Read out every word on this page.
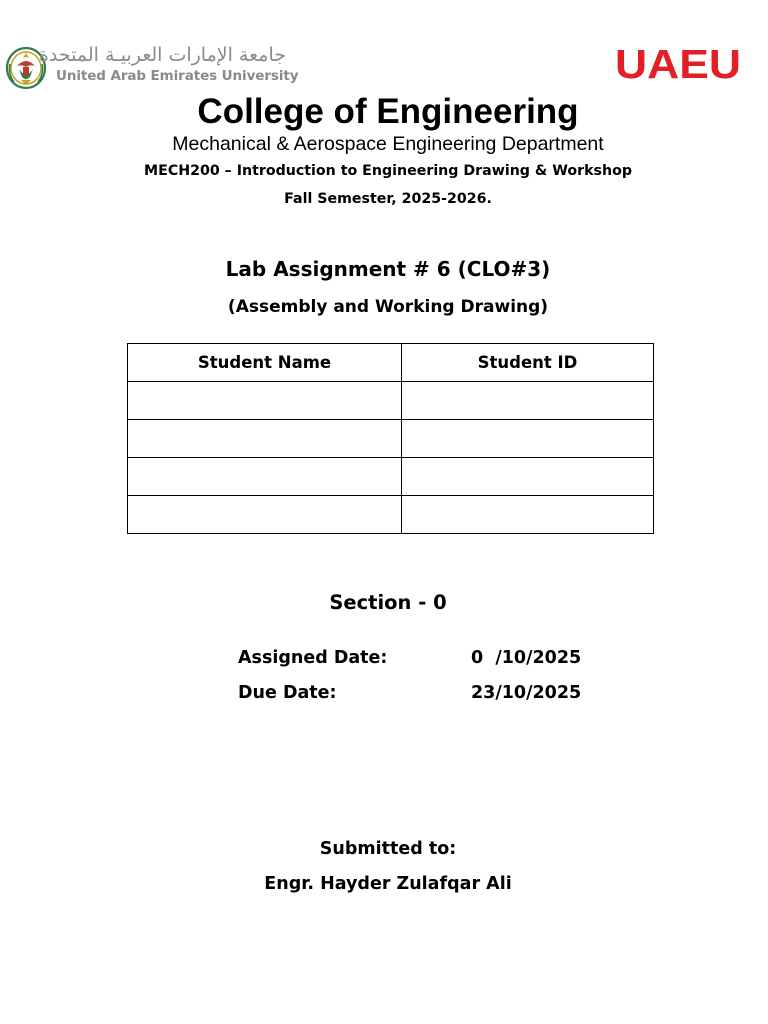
جامعة الإمارات العربيـة المتحدة
United Arab Emirates University	UAEU
College of Engineering
Mechanical & Aerospace Engineering Department
MECH200 – Introduction to Engineering Drawing & Workshop
Fall Semester, 2025-2026.
Lab Assignment # 6 (CLO#3)
(Assembly and Working Drawing)
Student Name	Student ID

Section - 0
Assigned Date:	0  /10/2025
Due Date:	23/10/2025
Submitted to:
Engr. Hayder Zulafqar Ali
